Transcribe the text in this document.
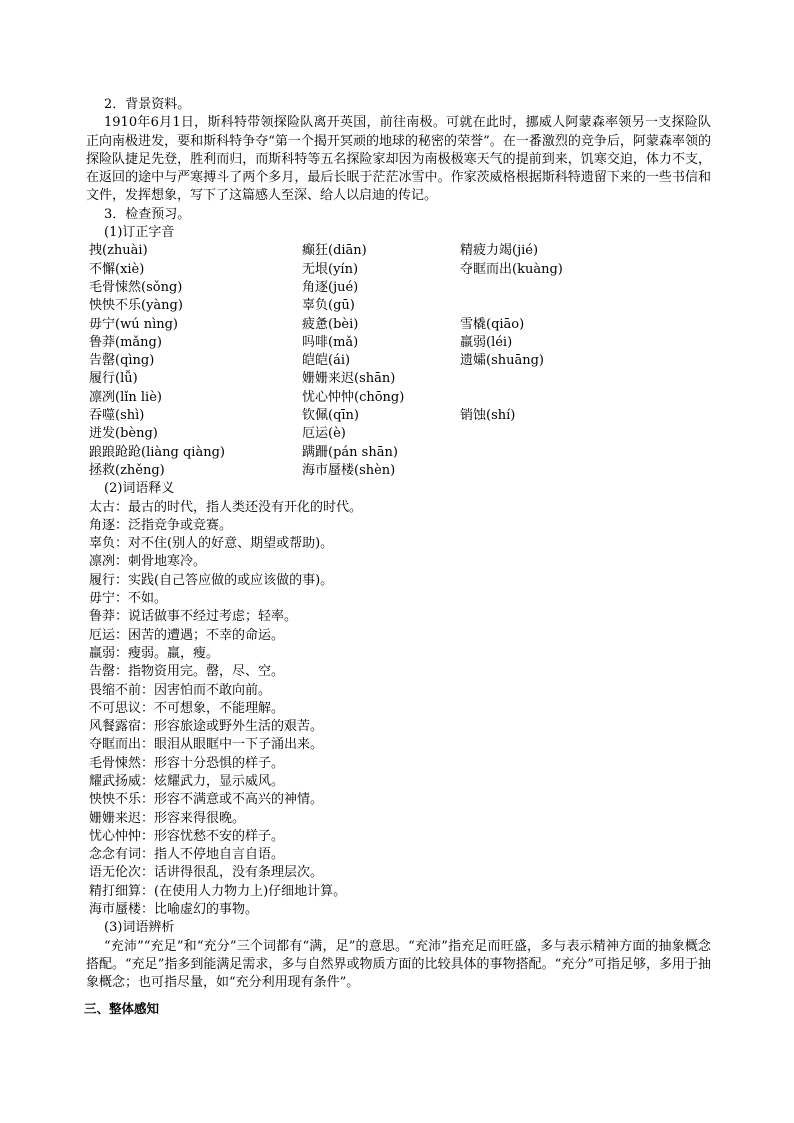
2．背景资料。

1910年6月1日，斯科特带领探险队离开英国，前往南极。可就在此时，挪威人阿蒙森率领另一支探险队正向南极进发，要和斯科特争夺“第一个揭开冥顽的地球的秘密的荣誉”。在一番激烈的竞争后，阿蒙森率领的探险队捷足先登，胜利而归，而斯科特等五名探险家却因为南极极寒天气的提前到来，饥寒交迫，体力不支，在返回的途中与严寒搏斗了两个多月，最后长眠于茫茫冰雪中。作家茨威格根据斯科特遗留下来的一些书信和文件，发挥想象，写下了这篇感人至深、给人以启迪的传记。

3．检查预习。

(1)订正字音

拽(zhuài)	癫狂(diān)	精疲力竭(jié)
不懈(xiè)	无垠(yín)	夺眶而出(kuàng)
毛骨悚然(sǒng)	角逐(jué)
怏怏不乐(yàng)	辜负(gū)
毋宁(wú nìng)	疲惫(bèi)	雪橇(qiāo)
鲁莽(mǎng)	吗啡(mǎ)	羸弱(léi)
告罄(qìng)	皑皑(ái)	遗孀(shuāng)
履行(lǚ)	姗姗来迟(shān)
凛冽(lǐn liè)	忧心忡忡(chōng)
吞噬(shì)	钦佩(qīn)	销蚀(shí)
迸发(bèng)	厄运(è)
踉踉跄跄(liàng qiàng)	蹒跚(pán shān)
拯救(zhěng)	海市蜃楼(shèn)

(2)词语释义

太古：最古的时代，指人类还没有开化的时代。

角逐：泛指竞争或竞赛。

辜负：对不住(别人的好意、期望或帮助)。

凛冽：刺骨地寒冷。

履行：实践(自己答应做的或应该做的事)。

毋宁：不如。

鲁莽：说话做事不经过考虑；轻率。

厄运：困苦的遭遇；不幸的命运。

羸弱：瘦弱。羸，瘦。

告罄：指物资用完。罄，尽、空。

畏缩不前：因害怕而不敢向前。

不可思议：不可想象，不能理解。

风餐露宿：形容旅途或野外生活的艰苦。

夺眶而出：眼泪从眼眶中一下子涌出来。

毛骨悚然：形容十分恐惧的样子。

耀武扬威：炫耀武力，显示威风。

怏怏不乐：形容不满意或不高兴的神情。

姗姗来迟：形容来得很晚。

忧心忡忡：形容忧愁不安的样子。

念念有词：指人不停地自言自语。

语无伦次：话讲得很乱，没有条理层次。

精打细算：(在使用人力物力上)仔细地计算。

海市蜃楼：比喻虚幻的事物。

(3)词语辨析

“充沛”“充足”和“充分”三个词都有“满，足”的意思。“充沛”指充足而旺盛，多与表示精神方面的抽象概念搭配。“充足”指多到能满足需求，多与自然界或物质方面的比较具体的事物搭配。“充分”可指足够，多用于抽象概念；也可指尽量，如“充分利用现有条件”。

三、整体感知
